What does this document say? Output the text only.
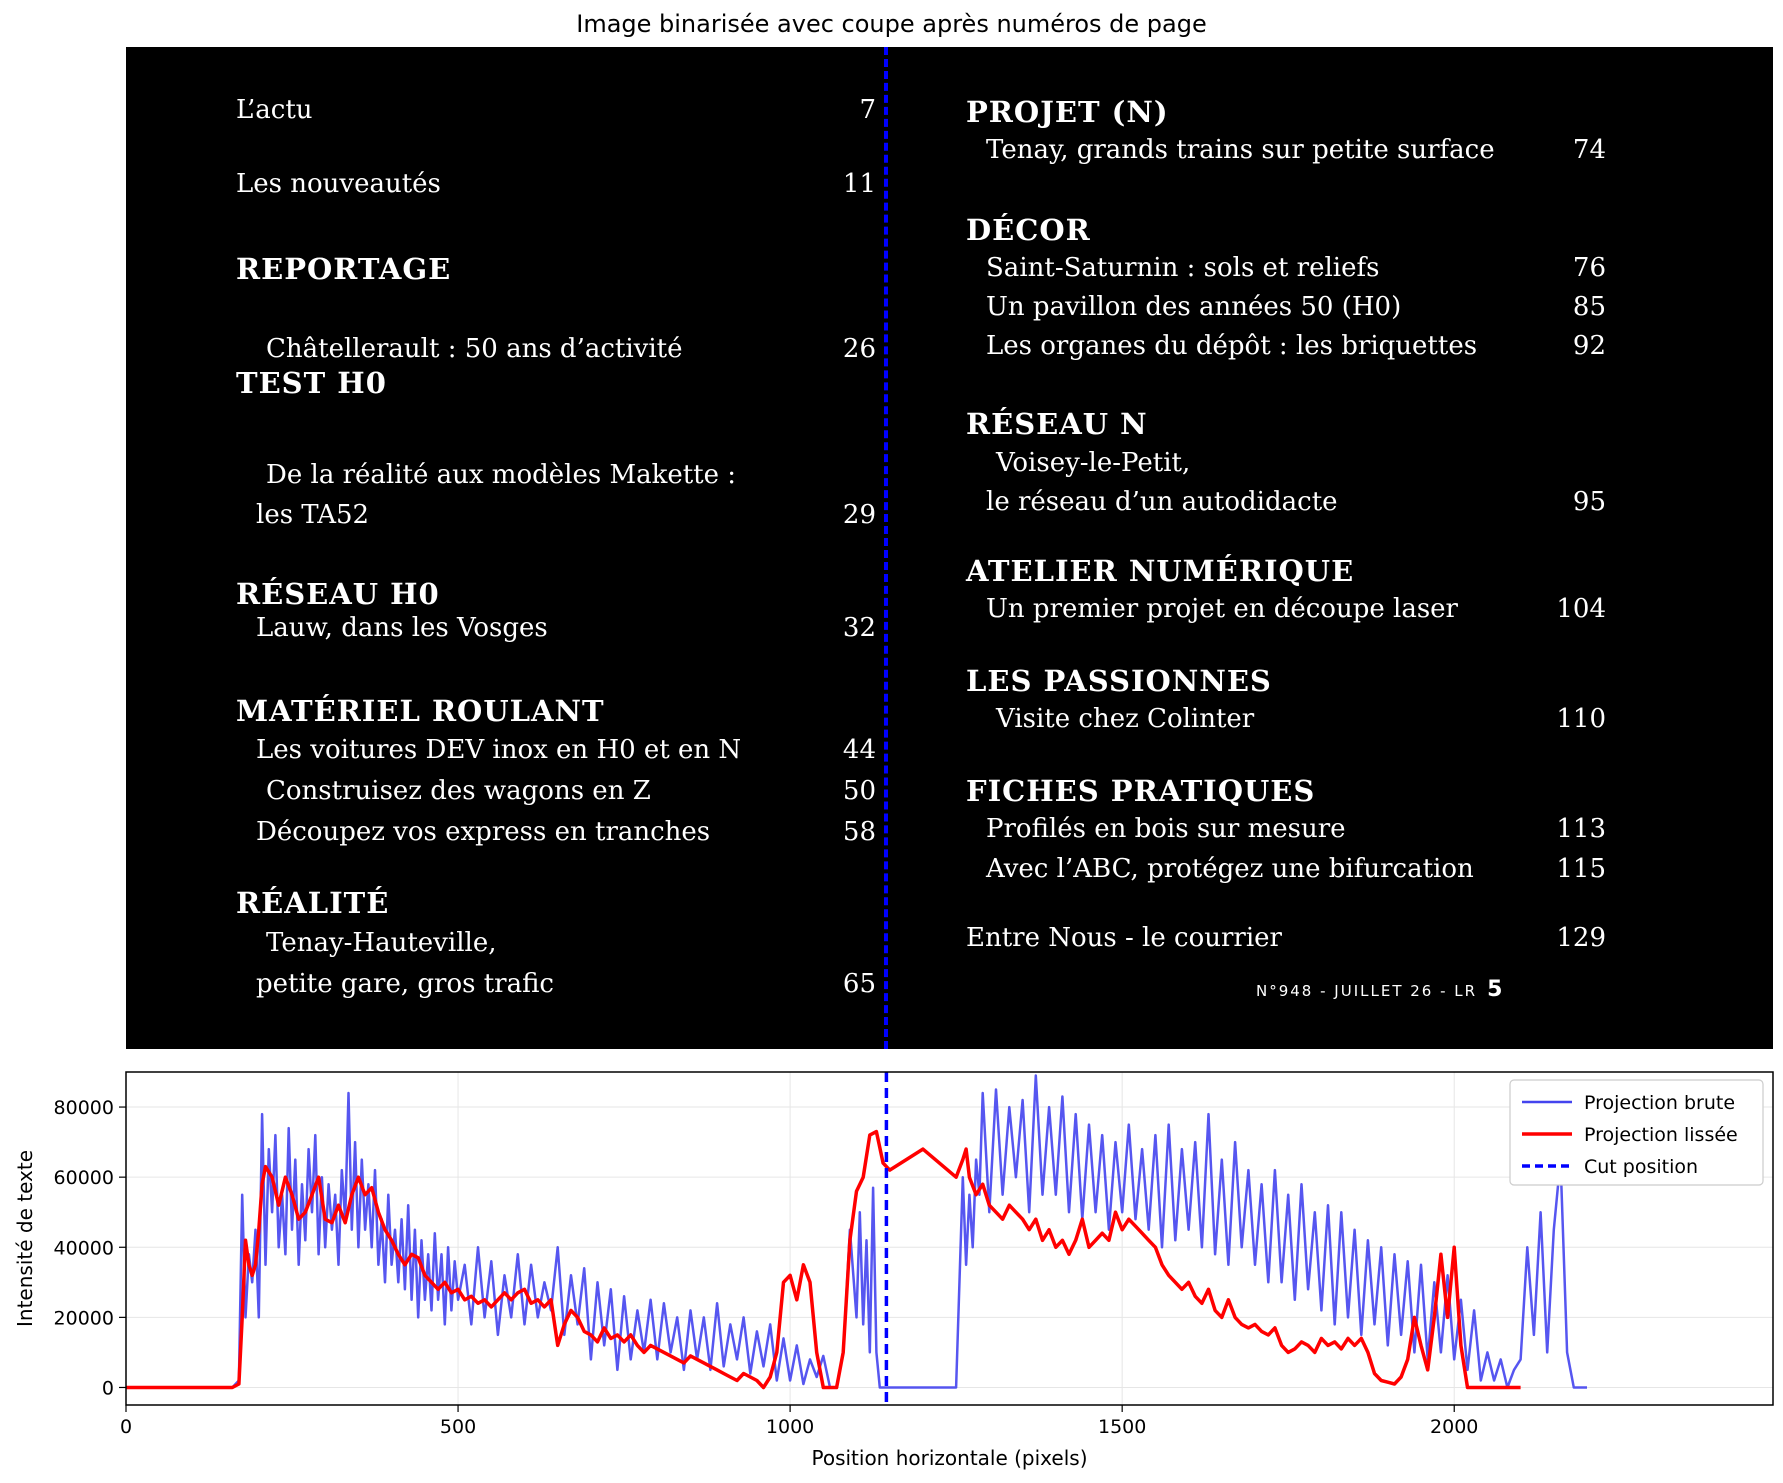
Image binarisée avec coupe après numéros de page
L’actu	7
Les nouveautés	11
REPORTAGE
Châtellerault : 50 ans d’activité	26
TEST H0
De la réalité aux modèles Makette :
les TA52	29
RÉSEAU H0
Lauw, dans les Vosges	32
MATÉRIEL ROULANT
Les voitures DEV inox en H0 et en N	44
Construisez des wagons en Z	50
Découpez vos express en tranches	58
RÉALITÉ
Tenay-Hauteville,
petite gare, gros trafic	65
PROJET (N)
Tenay, grands trains sur petite surface	74
DÉCOR
Saint-Saturnin : sols et reliefs	76
Un pavillon des années 50 (H0)	85
Les organes du dépôt : les briquettes	92
RÉSEAU N
Voisey-le-Petit,
le réseau d’un autodidacte	95
ATELIER NUMÉRIQUE
Un premier projet en découpe laser	104
LES PASSIONNES
Visite chez Colinter	110
FICHES PRATIQUES
Profilés en bois sur mesure	113
Avec l’ABC, protégez une bifurcation	115
Entre Nous - le courrier	129
N°948 - JUILLET 26 - LR 5
0	500	1000	1500	2000
0
20000
40000
60000
80000
Position horizontale (pixels)
Intensité de texte
Projection brute
Projection lissée
Cut position
